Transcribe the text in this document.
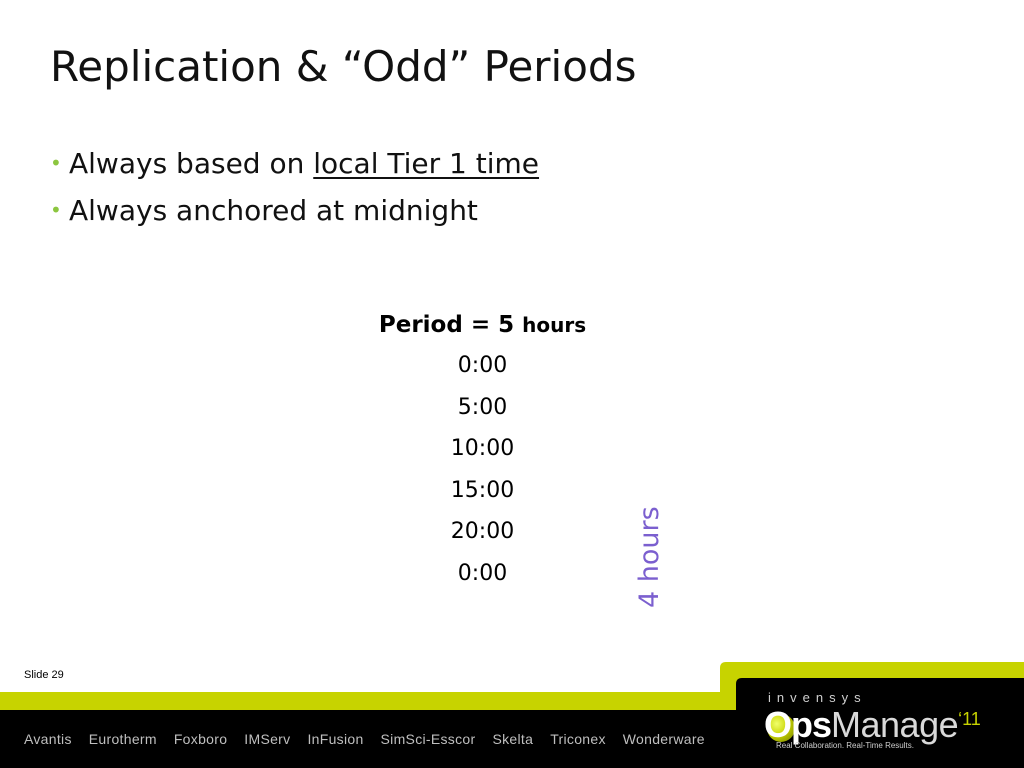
Replication & “Odd” Periods
• Always based on local Tier 1 time
• Always anchored at midnight
Period = 5 hours
0:00
5:00
10:00
15:00
20:00
0:00	4 hours
Slide 29
Avantis Eurotherm Foxboro IMServ InFusion SimSci-Esscor Skelta Triconex Wonderware
invensys
OpsManage‘11
Real Collaboration. Real-Time Results.
